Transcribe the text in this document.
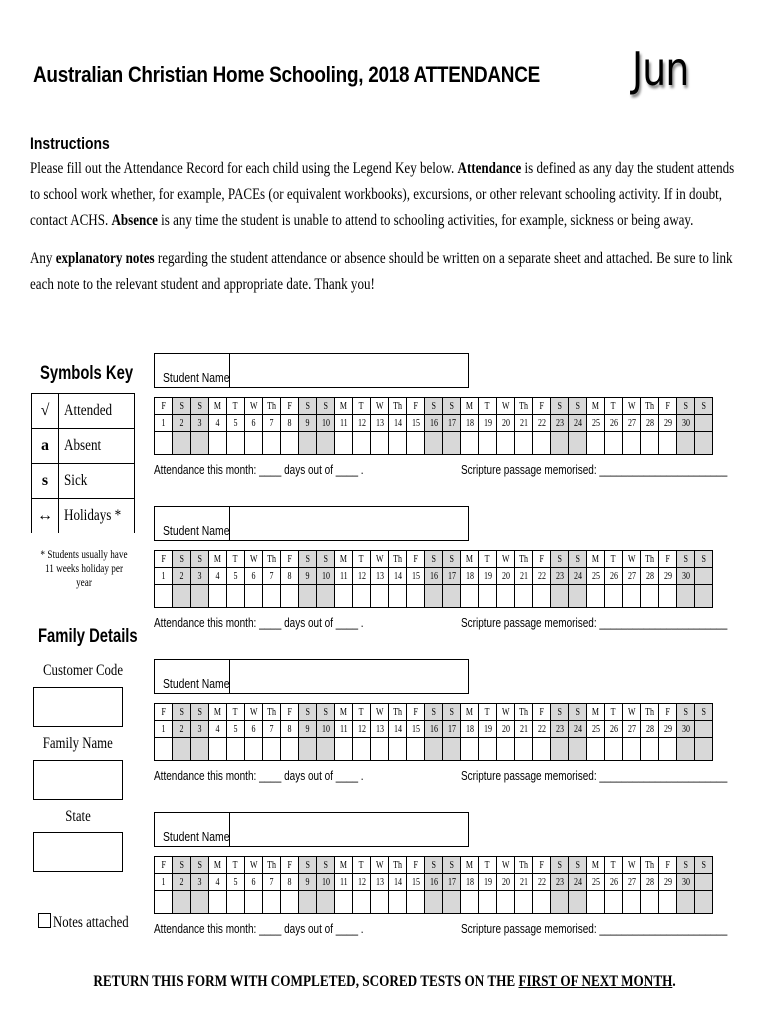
Australian Christian Home Schooling, 2018 ATTENDANCE Jun
Instructions
Please fill out the Attendance Record for each child using the Legend Key below. Attendance is defined as any day the student attends to school work whether, for example, PACEs (or equivalent workbooks), excursions, or other relevant schooling activity. If in doubt, contact ACHS. Absence is any time the student is unable to attend to schooling activities, for example, sickness or being away.
Any explanatory notes regarding the student attendance or absence should be written on a separate sheet and attached. Be sure to link each note to the relevant student and appropriate date. Thank you!
Symbols Key
√	Attended
a	Absent
s	Sick
↔	Holidays *
* Students usually have 11 weeks holiday per year
Family Details
Customer Code
Family Name
State
Notes attached
Student Name
F	S	S	M	T	W	Th	F	S	S	M	T	W	Th	F	S	S	M	T	W	Th	F	S	S	M	T	W	Th	F	S	S
1	2	3	4	5	6	7	8	9	10	11	12	13	14	15	16	17	18	19	20	21	22	23	24	25	26	27	28	29	30	

Attendance this month: ____ days out of ____ .	Scripture passage memorised: _______________________
Student Name
F	S	S	M	T	W	Th	F	S	S	M	T	W	Th	F	S	S	M	T	W	Th	F	S	S	M	T	W	Th	F	S	S
1	2	3	4	5	6	7	8	9	10	11	12	13	14	15	16	17	18	19	20	21	22	23	24	25	26	27	28	29	30	

Attendance this month: ____ days out of ____ .	Scripture passage memorised: _______________________
Student Name
F	S	S	M	T	W	Th	F	S	S	M	T	W	Th	F	S	S	M	T	W	Th	F	S	S	M	T	W	Th	F	S	S
1	2	3	4	5	6	7	8	9	10	11	12	13	14	15	16	17	18	19	20	21	22	23	24	25	26	27	28	29	30	

Attendance this month: ____ days out of ____ .	Scripture passage memorised: _______________________
Student Name
F	S	S	M	T	W	Th	F	S	S	M	T	W	Th	F	S	S	M	T	W	Th	F	S	S	M	T	W	Th	F	S	S
1	2	3	4	5	6	7	8	9	10	11	12	13	14	15	16	17	18	19	20	21	22	23	24	25	26	27	28	29	30	

Attendance this month: ____ days out of ____ .	Scripture passage memorised: _______________________
RETURN THIS FORM WITH COMPLETED, SCORED TESTS ON THE FIRST OF NEXT MONTH.
